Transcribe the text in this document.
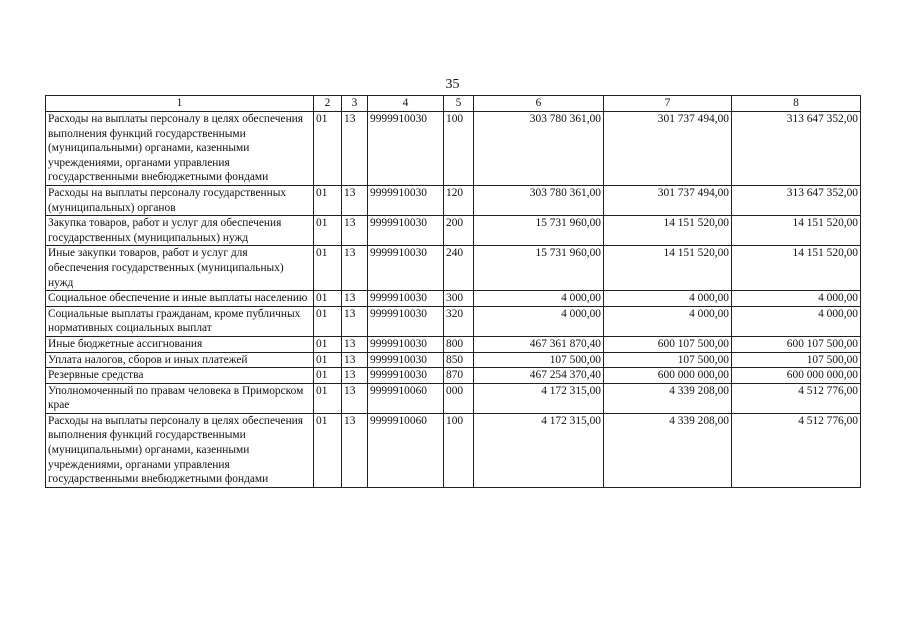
35
1	2	3	4	5	6	7	8
Расходы на выплаты персоналу в целях обеспечения выполнения функций государственными (муниципальными) органами, казенными учреждениями, органами управления государственными внебюджетными фондами	01	13	9999910030	100	303 780 361,00	301 737 494,00	313 647 352,00
Расходы на выплаты персоналу государственных (муниципальных) органов	01	13	9999910030	120	303 780 361,00	301 737 494,00	313 647 352,00
Закупка товаров, работ и услуг для обеспечения государственных (муниципальных) нужд	01	13	9999910030	200	15 731 960,00	14 151 520,00	14 151 520,00
Иные закупки товаров, работ и услуг для обеспечения государственных (муниципальных) нужд	01	13	9999910030	240	15 731 960,00	14 151 520,00	14 151 520,00
Социальное обеспечение и иные выплаты населению	01	13	9999910030	300	4 000,00	4 000,00	4 000,00
Социальные выплаты гражданам, кроме публичных нормативных социальных выплат	01	13	9999910030	320	4 000,00	4 000,00	4 000,00
Иные бюджетные ассигнования	01	13	9999910030	800	467 361 870,40	600 107 500,00	600 107 500,00
Уплата налогов, сборов и иных платежей	01	13	9999910030	850	107 500,00	107 500,00	107 500,00
Резервные средства	01	13	9999910030	870	467 254 370,40	600 000 000,00	600 000 000,00
Уполномоченный по правам человека в Приморском крае	01	13	9999910060	000	4 172 315,00	4 339 208,00	4 512 776,00
Расходы на выплаты персоналу в целях обеспечения выполнения функций государственными (муниципальными) органами, казенными учреждениями, органами управления государственными внебюджетными фондами	01	13	9999910060	100	4 172 315,00	4 339 208,00	4 512 776,00
